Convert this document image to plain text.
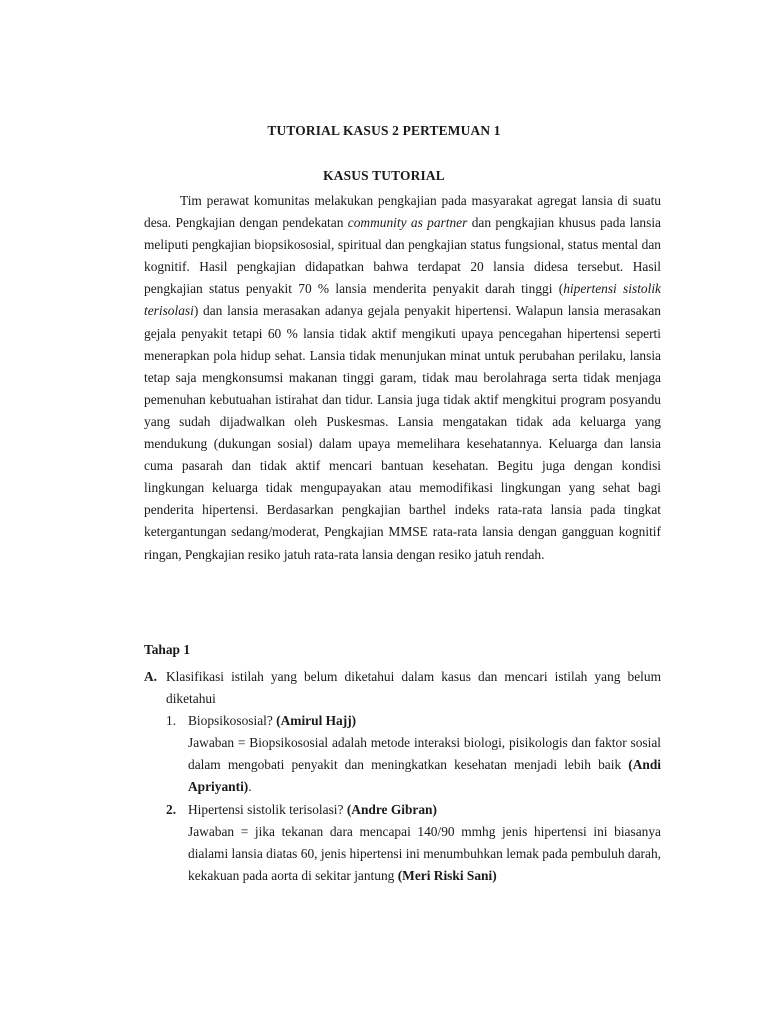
TUTORIAL KASUS 2 PERTEMUAN 1
KASUS TUTORIAL

Tim perawat komunitas melakukan pengkajian pada masyarakat agregat lansia di suatu desa. Pengkajian dengan pendekatan community as partner dan pengkajian khusus pada lansia meliputi pengkajian biopsikososial, spiritual dan pengkajian status fungsional, status mental dan kognitif. Hasil pengkajian didapatkan bahwa terdapat 20 lansia didesa tersebut. Hasil pengkajian status penyakit 70 % lansia menderita penyakit darah tinggi (hipertensi sistolik terisolasi) dan lansia merasakan adanya gejala penyakit hipertensi. Walapun lansia merasakan gejala penyakit tetapi 60 % lansia tidak aktif mengikuti upaya pencegahan hipertensi seperti menerapkan pola hidup sehat. Lansia tidak menunjukan minat untuk perubahan perilaku, lansia tetap saja mengkonsumsi makanan tinggi garam, tidak mau berolahraga serta tidak menjaga pemenuhan kebutuahan istirahat dan tidur. Lansia juga tidak aktif mengkitui program posyandu yang sudah dijadwalkan oleh Puskesmas. Lansia mengatakan tidak ada keluarga yang mendukung (dukungan sosial) dalam upaya memelihara kesehatannya. Keluarga dan lansia cuma pasarah dan tidak aktif mencari bantuan kesehatan. Begitu juga dengan kondisi lingkungan keluarga tidak mengupayakan atau memodifikasi lingkungan yang sehat bagi penderita hipertensi. Berdasarkan pengkajian barthel indeks rata-rata lansia pada tingkat ketergantungan sedang/moderat, Pengkajian MMSE rata-rata lansia dengan gangguan kognitif ringan, Pengkajian resiko jatuh rata-rata lansia dengan resiko jatuh rendah.

Tahap 1
A. Klasifikasi istilah yang belum diketahui dalam kasus dan mencari istilah yang belum diketahui
1. Biopsikososial? (Amirul Hajj)
Jawaban = Biopsikososial adalah metode interaksi biologi, pisikologis dan faktor sosial dalam mengobati penyakit dan meningkatkan kesehatan menjadi lebih baik (Andi Apriyanti).
2. Hipertensi sistolik terisolasi? (Andre Gibran)
Jawaban = jika tekanan dara mencapai 140/90 mmhg jenis hipertensi ini biasanya dialami lansia diatas 60, jenis hipertensi ini menumbuhkan lemak pada pembuluh darah, kekakuan pada aorta di sekitar jantung (Meri Riski Sani)
